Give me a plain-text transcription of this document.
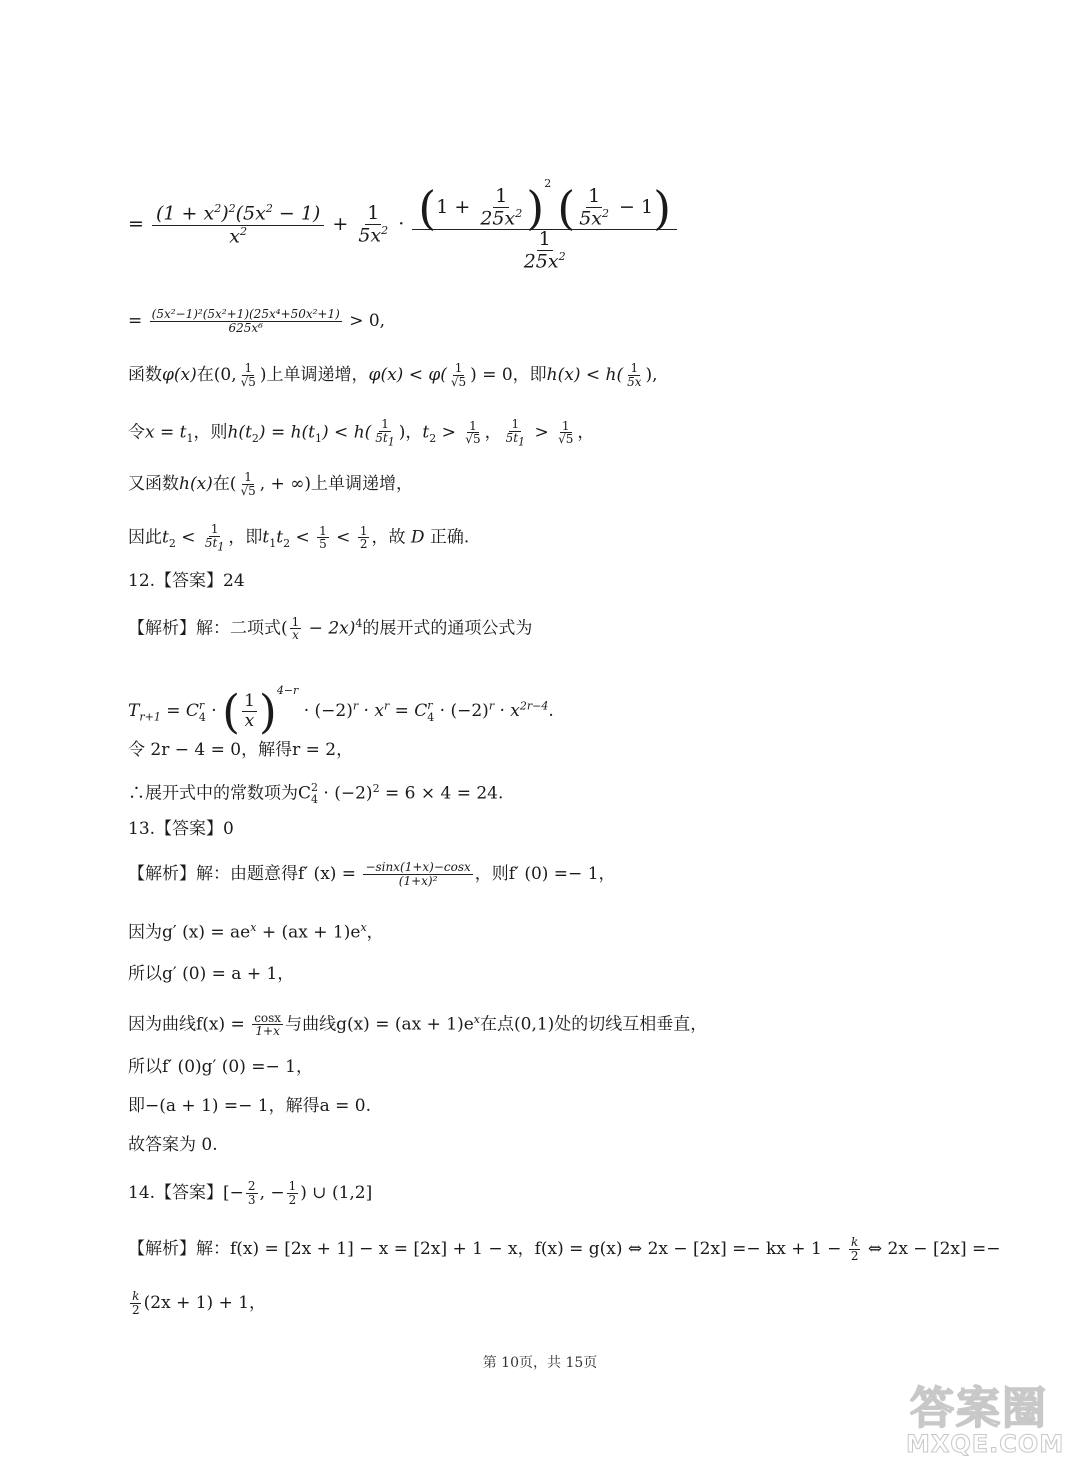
= $\frac{(1 + x^2)^2(5x^2 - 1)}{x^2} + \frac{1}{5x^2} \cdot \frac{(1 + \frac{1}{25x^2} )^2 ( \frac{1}{5x^2} - 1)}{\frac{1}{25x^2}}$
= $\frac{\text{(5x²−1)²(5x²+1)(25x⁴+50x²+1)}}{\text{625x⁶}} > 0$,
函数φ(x)在(0, $\frac{1}{√5}$ )上单调递增，$\varphi(x) < \varphi( \frac{1}{√5}$ ) = 0，即$h(x) < h( \frac{1}{5x}$ ),
令$x = t_1$，则$h(t_2) = h(t_1) < h( \frac{1}{5t_1}$ )，$t_2 > \frac{1}{√5}$ ， $\frac{1}{5t_1} > \frac{1}{√5}$ ，
又函数h(x)在( $\frac{1}{√5}$ , + ∞)上单调递增，
因此$t_2 < \frac{1}{5t_1}$ ，即$t_1t_2 < \frac{1}{5} < \frac{1}{2}$ ，故 D 正确.
12.【答案】24
【解析】解：二项式( $\frac{1}{x} - 2x)^4$的展开式的通项公式为
$T_{r+1} = C$ r
4 · ( $\frac{1}{x} )^{4-r} \cdot (-2)^r \cdot x^r = C$ r
$4 \cdot (-2)^r \cdot x^{2r-4}$.
令 2r − 4 = 0，解得r = 2，
∴展开式中的常数项为C 2
$4 \cdot (-2)^2 = 6 \times 4 = 24$.
13.【答案】0
【解析】解：由题意得f′ $(x) = \frac{-\sin x(1+x)-\cos x}{\text{(1+x)²}}$ ，则f′ (0) =− 1，
因为g′ $(x) = ae^x + (ax + 1)e^x$，
所以g′ (0) = a + 1，
因为曲线$f(x) = \frac{\cos x}{1+x}$ 与曲线$g(x) = (ax + 1)e^x$在点(0,1)处的切线互相垂直，
所以f′ (0)g′ (0) =− 1，
即−(a + 1) =− 1，解得a = 0.
故答案为 0.
14.【答案】[− $\frac{2}{3}$ , − $\frac{1}{2}$ ) ∪ (1,2]
【解析】解：f(x) = [2x + 1] − x = [2x] + 1 − x，f(x) = g(x) ⇔ 2x − [2x] =− kx + $1 - \frac{k}{2}$ ⇔ 2x − [2x] =−
$\frac{k}{2} (2x + 1) + 1$，
第 10页，共 15页
答案圈
MXQE.COM
